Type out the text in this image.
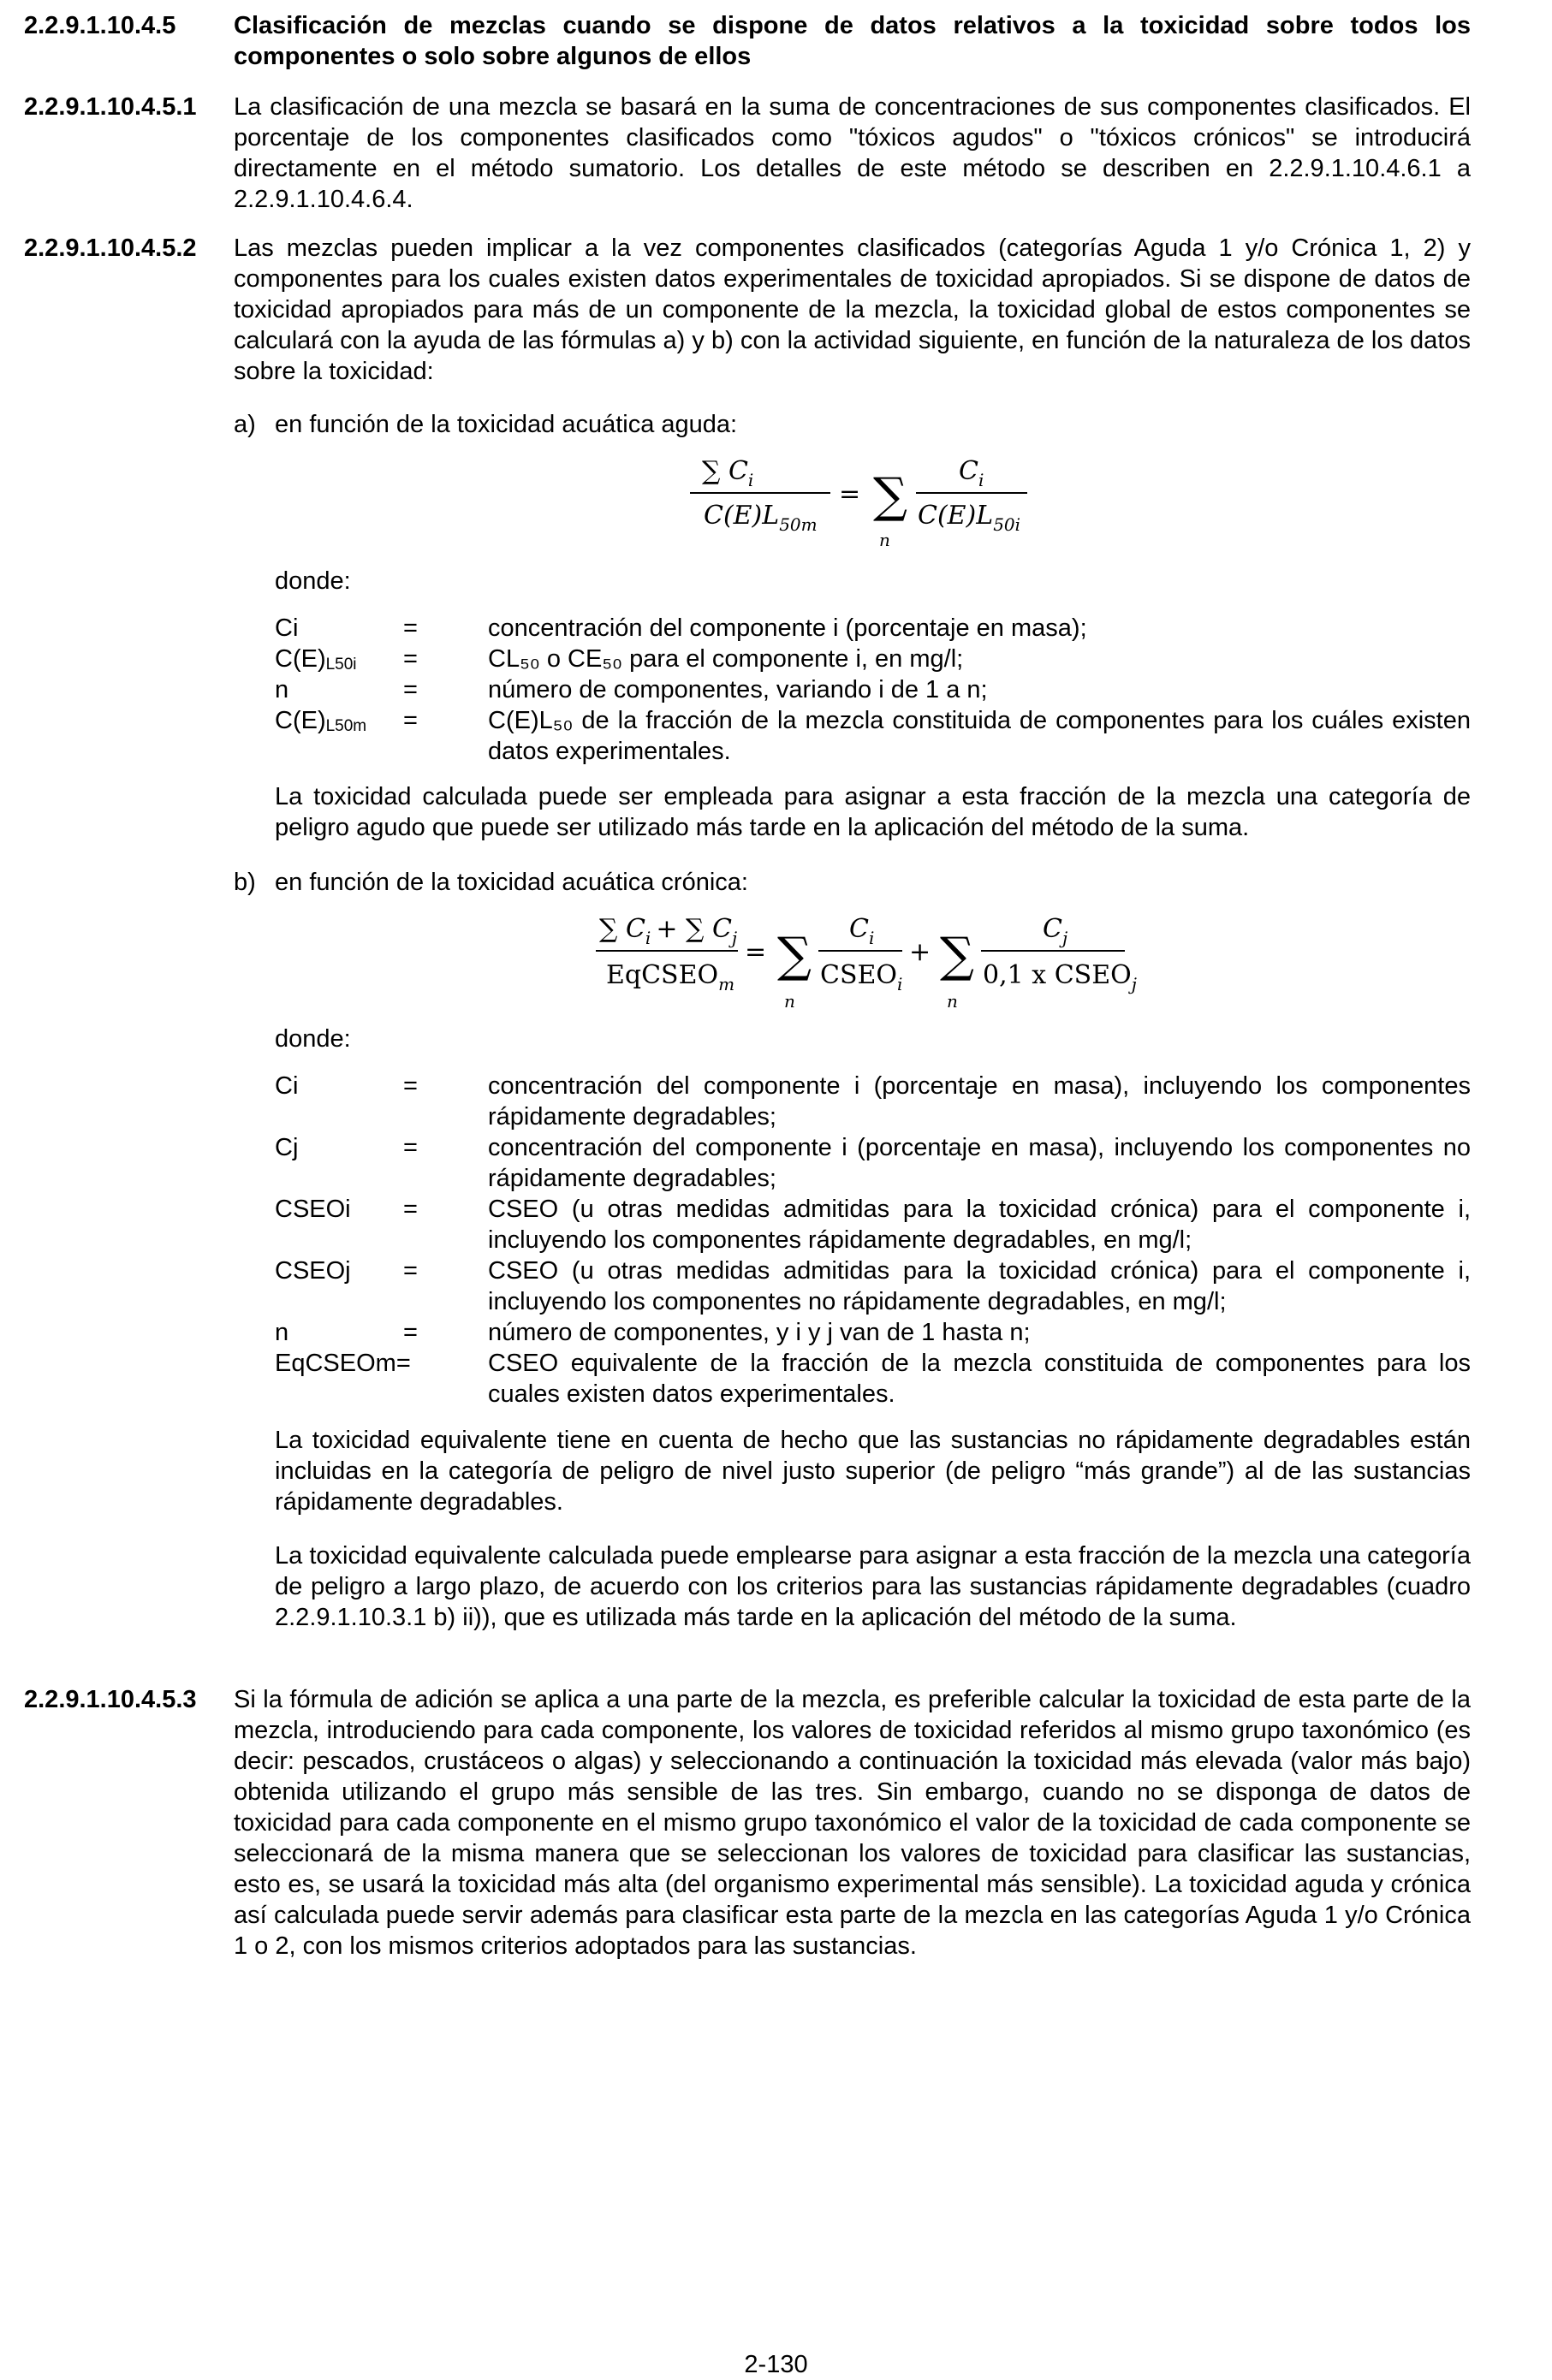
2.2.9.1.10.4.5 Clasificación de mezclas cuando se dispone de datos relativos a la toxicidad sobre todos los componentes o solo sobre algunos de ellos
2.2.9.1.10.4.5.1 La clasificación de una mezcla se basará en la suma de concentraciones de sus componentes clasificados. El porcentaje de los componentes clasificados como "tóxicos agudos" o "tóxicos crónicos" se introducirá directamente en el método sumatorio. Los detalles de este método se describen en 2.2.9.1.10.4.6.1 a 2.2.9.1.10.4.6.4.
2.2.9.1.10.4.5.2 Las mezclas pueden implicar a la vez componentes clasificados (categorías Aguda 1 y/o Crónica 1, 2) y componentes para los cuales existen datos experimentales de toxicidad apropiados. Si se dispone de datos de toxicidad apropiados para más de un componente de la mezcla, la toxicidad global de estos componentes se calculará con la ayuda de las fórmulas a) y b) con la actividad siguiente, en función de la naturaleza de los datos sobre la toxicidad:
a) en función de la toxicidad acuática aguda:
∑ $C_i$
$C(E)L_{50m}$
= ∑
n
$C_i$
$C(E)L_{50i}$
donde:
Ci	=	concentración del componente i (porcentaje en masa);
$C(E)_{L50i}$ =	CL₅₀ o CE₅₀ para el componente i, en mg/l;
n	=	número de componentes, variando i de 1 a n;
$C(E)_{L50m}$ =	C(E)L₅₀ de la fracción de la mezcla constituida de componentes para los cuáles existen datos experimentales.
La toxicidad calculada puede ser empleada para asignar a esta fracción de la mezcla una categoría de peligro agudo que puede ser utilizado más tarde en la aplicación del método de la suma.
b) en función de la toxicidad acuática crónica:
∑ $C_i$ + ∑ $C_j$
EqCSEO$_m$
= ∑
n
$C_i$
$CSEO_i$
+ ∑
n
$C_j$
0,1 x $CSEO_j$
donde:
Ci	=	concentración del componente i (porcentaje en masa), incluyendo los componentes rápidamente degradables;
Cj	=	concentración del componente i (porcentaje en masa), incluyendo los componentes no rápidamente degradables;
CSEOi =	CSEO (u otras medidas admitidas para la toxicidad crónica) para el componente i, incluyendo los componentes rápidamente degradables, en mg/l;
CSEOj =	CSEO (u otras medidas admitidas para la toxicidad crónica) para el componente i, incluyendo los componentes no rápidamente degradables, en mg/l;
n	=	número de componentes, y i y j van de 1 hasta n;
EqCSEOm=	CSEO equivalente de la fracción de la mezcla constituida de componentes para los cuales existen datos experimentales.
La toxicidad equivalente tiene en cuenta de hecho que las sustancias no rápidamente degradables están incluidas en la categoría de peligro de nivel justo superior (de peligro “más grande”) al de las sustancias rápidamente degradables.
La toxicidad equivalente calculada puede emplearse para asignar a esta fracción de la mezcla una categoría de peligro a largo plazo, de acuerdo con los criterios para las sustancias rápidamente degradables (cuadro 2.2.9.1.10.3.1 b) ii)), que es utilizada más tarde en la aplicación del método de la suma.
2.2.9.1.10.4.5.3 Si la fórmula de adición se aplica a una parte de la mezcla, es preferible calcular la toxicidad de esta parte de la mezcla, introduciendo para cada componente, los valores de toxicidad referidos al mismo grupo taxonómico (es decir: pescados, crustáceos o algas) y seleccionando a continuación la toxicidad más elevada (valor más bajo) obtenida utilizando el grupo más sensible de las tres. Sin embargo, cuando no se disponga de datos de toxicidad para cada componente en el mismo grupo taxonómico el valor de la toxicidad de cada componente se seleccionará de la misma manera que se seleccionan los valores de toxicidad para clasificar las sustancias, esto es, se usará la toxicidad más alta (del organismo experimental más sensible). La toxicidad aguda y crónica así calculada puede servir además para clasificar esta parte de la mezcla en las categorías Aguda 1 y/o Crónica 1 o 2, con los mismos criterios adoptados para las sustancias.
2-130
